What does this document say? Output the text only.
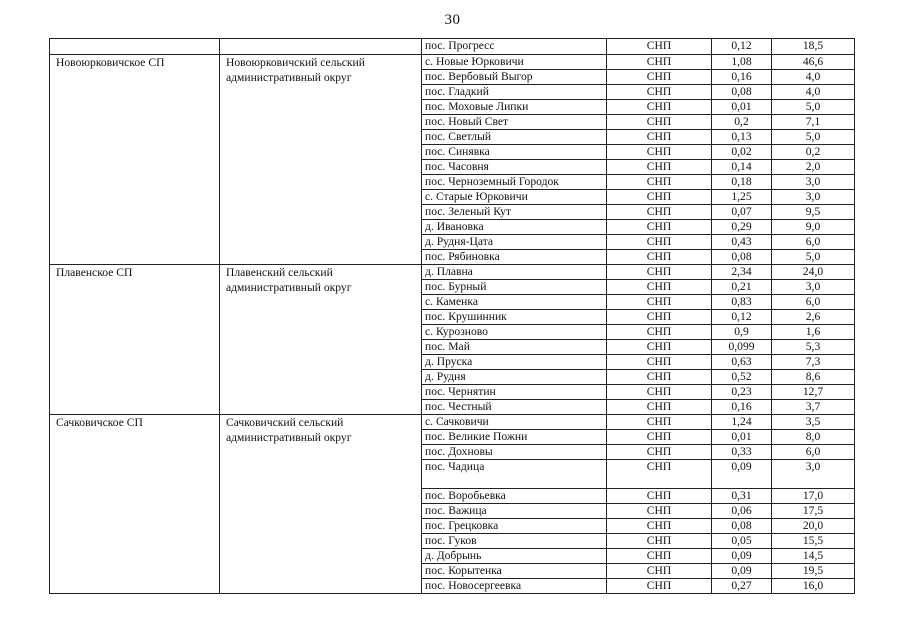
30
		пос. Прогресс	СНП	0,12	18,5
Новоюрковичское СП	Новоюрковичский сельский административный округ	с. Новые Юрковичи	СНП	1,08	46,6
		пос. Вербовый Выгор	СНП	0,16	4,0
		пос. Гладкий	СНП	0,08	4,0
		пос. Моховые Липки	СНП	0,01	5,0
		пос. Новый Свет	СНП	0,2	7,1
		пос. Светлый	СНП	0,13	5,0
		пос. Синявка	СНП	0,02	0,2
		пос. Часовня	СНП	0,14	2,0
		пос. Черноземный Городок	СНП	0,18	3,0
		с. Старые Юрковичи	СНП	1,25	3,0
		пос. Зеленый Кут	СНП	0,07	9,5
		д. Ивановка	СНП	0,29	9,0
		д. Рудня-Цата	СНП	0,43	6,0
		пос. Рябиновка	СНП	0,08	5,0
Плавенское СП	Плавенский сельский административный округ	д. Плавна	СНП	2,34	24,0
		пос. Бурный	СНП	0,21	3,0
		с. Каменка	СНП	0,83	6,0
		пос. Крушинник	СНП	0,12	2,6
		с. Курозново	СНП	0,9	1,6
		пос. Май	СНП	0,099	5,3
		д. Пруска	СНП	0,63	7,3
		д. Рудня	СНП	0,52	8,6
		пос. Чернятин	СНП	0,23	12,7
		пос. Честный	СНП	0,16	3,7
Сачковичское СП	Сачковичский сельский административный округ	с. Сачковичи	СНП	1,24	3,5
		пос. Великие Пожни	СНП	0,01	8,0
		пос. Дохновы	СНП	0,33	6,0
		пос. Чадица	СНП	0,09	3,0
		пос. Воробьевка	СНП	0,31	17,0
		пос. Важица	СНП	0,06	17,5
		пос. Грецковка	СНП	0,08	20,0
		пос. Гуков	СНП	0,05	15,5
		д. Добрынь	СНП	0,09	14,5
		пос. Корытенка	СНП	0,09	19,5
		пос. Новосергеевка	СНП	0,27	16,0
